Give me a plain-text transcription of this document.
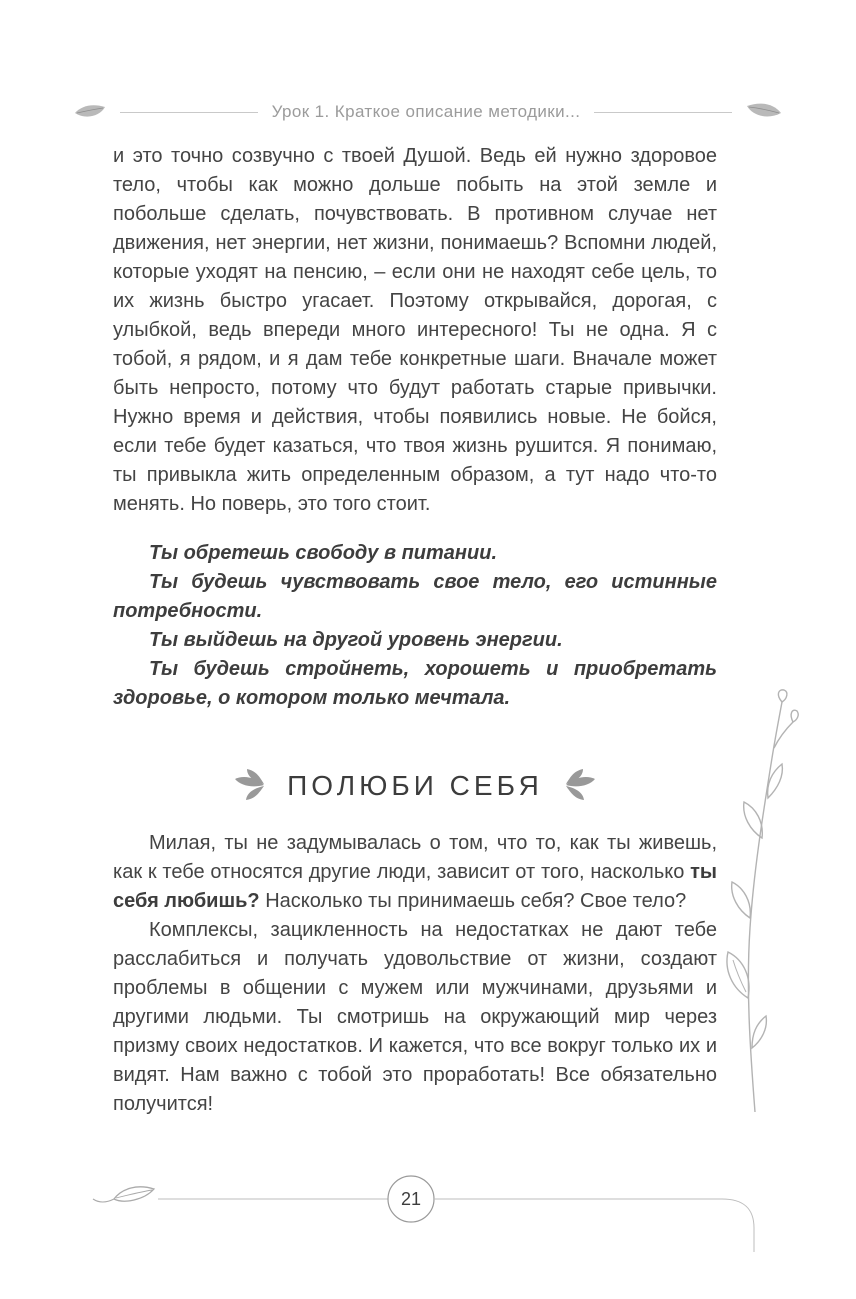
Урок 1. Краткое описание методики...

и это точно созвучно с твоей Душой. Ведь ей нужно здоровое тело, чтобы как можно дольше побыть на этой земле и побольше сделать, почувствовать. В противном случае нет движения, нет энергии, нет жизни, понимаешь? Вспомни людей, которые уходят на пенсию, – если они не находят себе цель, то их жизнь быстро угасает. Поэтому открывайся, дорогая, с улыбкой, ведь впереди много интересного! Ты не одна. Я с тобой, я рядом, и я дам тебе конкретные шаги. Вначале может быть непросто, потому что будут работать старые привычки. Нужно время и действия, чтобы появились новые. Не бойся, если тебе будет казаться, что твоя жизнь рушится. Я понимаю, ты привыкла жить определенным образом, а тут надо что-то менять. Но поверь, это того стоит.

Ты обретешь свободу в питании.

Ты будешь чувствовать свое тело, его истинные потребности.

Ты выйдешь на другой уровень энергии.

Ты будешь стройнеть, хорошеть и приобретать здоровье, о котором только мечтала.

ПОЛЮБИ СЕБЯ

Милая, ты не задумывалась о том, что то, как ты живешь, как к тебе относятся другие люди, зависит от того, насколько ты себя любишь? Насколько ты принимаешь себя? Свое тело?

Комплексы, зацикленность на недостатках не дают тебе расслабиться и получать удовольствие от жизни, создают проблемы в общении с мужем или мужчинами, друзьями и другими людьми. Ты смотришь на окружающий мир через призму своих недостатков. И кажется, что все вокруг только их и видят. Нам важно с тобой это проработать! Все обязательно получится!

21
